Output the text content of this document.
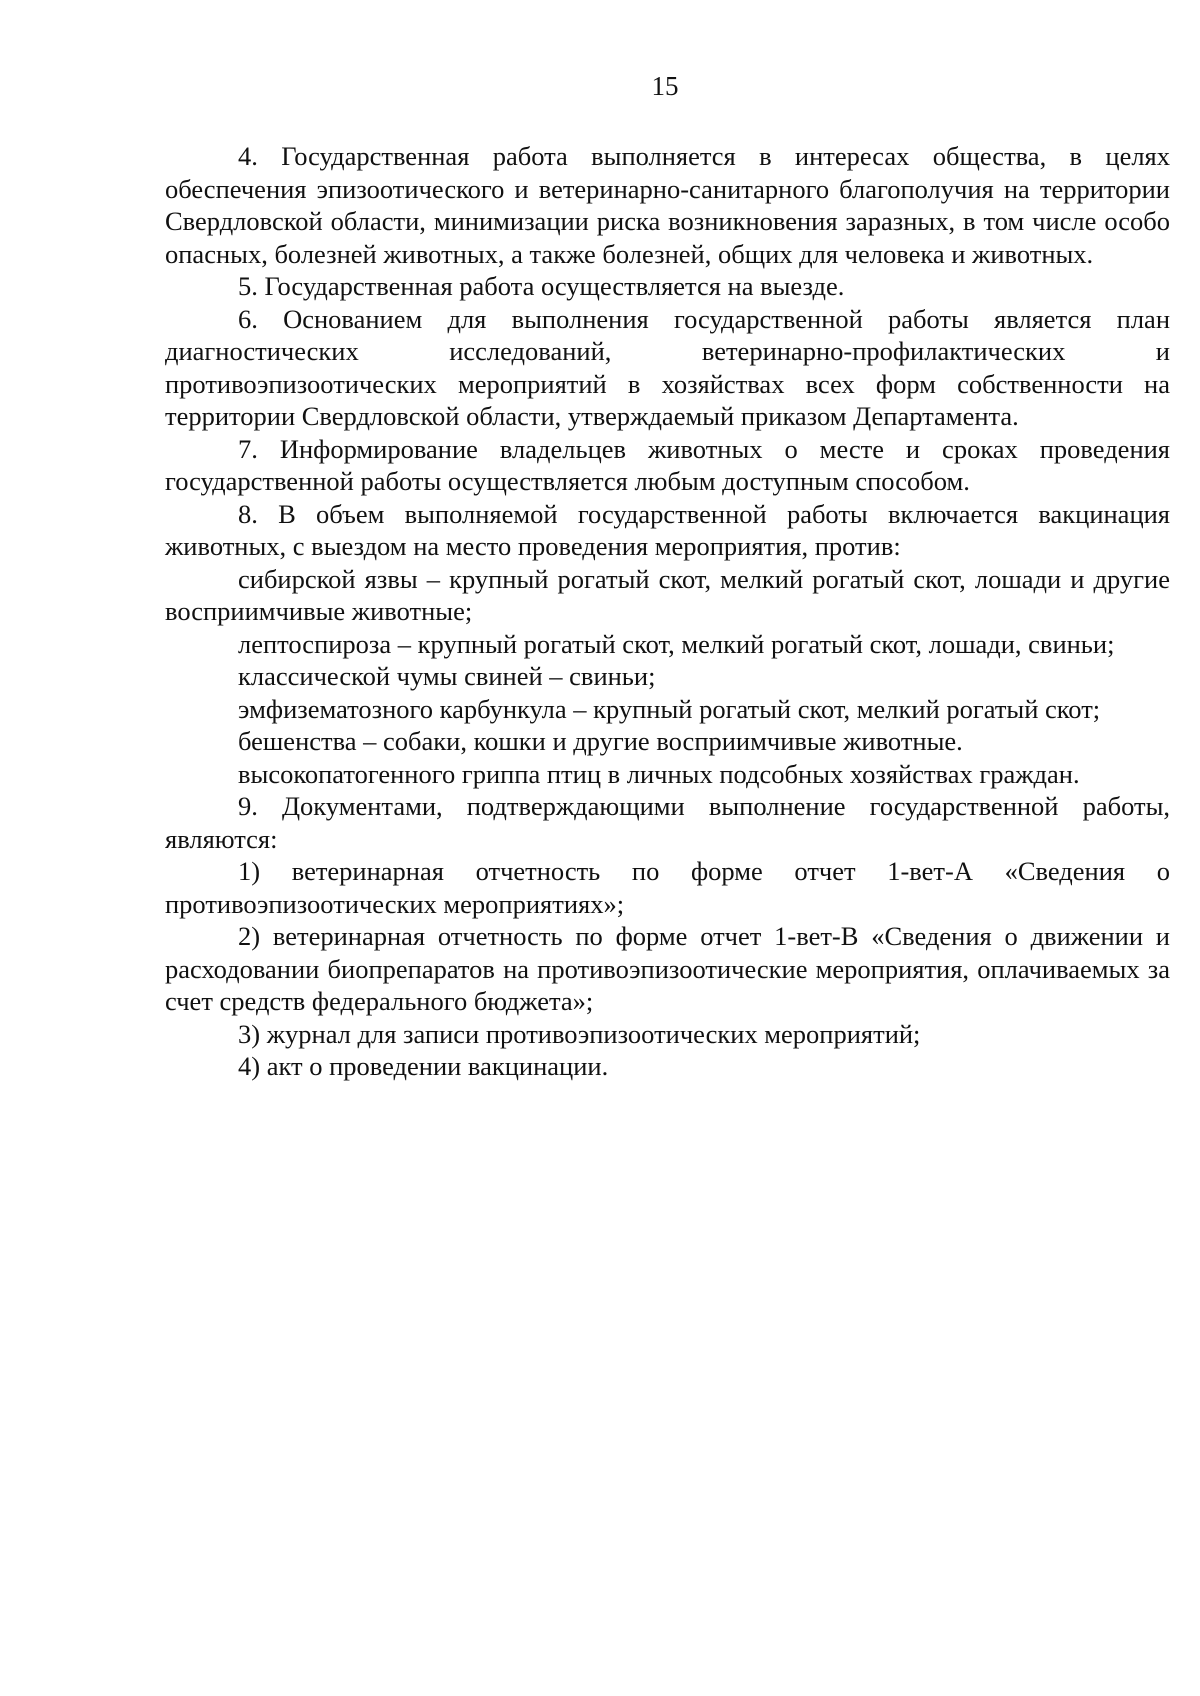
15

4. Государственная работа выполняется в интересах общества, в целях обеспечения эпизоотического и ветеринарно-санитарного благополучия на территории Свердловской области, минимизации риска возникновения заразных, в том числе особо опасных, болезней животных, а также болезней, общих для человека и животных.

5. Государственная работа осуществляется на выезде.

6. Основанием для выполнения государственной работы является план диагностических исследований, ветеринарно-профилактических и противоэпизоотических мероприятий в хозяйствах всех форм собственности на территории Свердловской области, утверждаемый приказом Департамента.

7. Информирование владельцев животных о месте и сроках проведения государственной работы осуществляется любым доступным способом.

8. В объем выполняемой государственной работы включается вакцинация животных, с выездом на место проведения мероприятия, против:

сибирской язвы – крупный рогатый скот, мелкий рогатый скот, лошади и другие восприимчивые животные;

лептоспироза – крупный рогатый скот, мелкий рогатый скот, лошади, свиньи;

классической чумы свиней – свиньи;

эмфизематозного карбункула – крупный рогатый скот, мелкий рогатый скот;

бешенства – собаки, кошки и другие восприимчивые животные.

высокопатогенного гриппа птиц в личных подсобных хозяйствах граждан.

9. Документами, подтверждающими выполнение государственной работы, являются:

1) ветеринарная отчетность по форме отчет 1-вет-А «Сведения о противоэпизоотических мероприятиях»;

2) ветеринарная отчетность по форме отчет 1-вет-В «Сведения о движении и расходовании биопрепаратов на противоэпизоотические мероприятия, оплачиваемых за счет средств федерального бюджета»;

3) журнал для записи противоэпизоотических мероприятий;

4) акт о проведении вакцинации.
